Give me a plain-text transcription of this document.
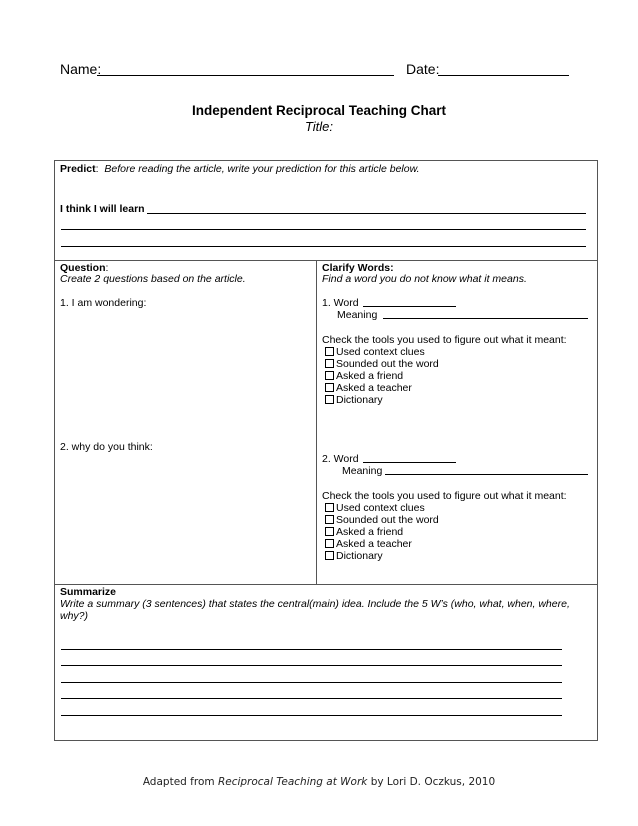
Name:	Date:
Independent Reciprocal Teaching Chart
Title:
Predict: Before reading the article, write your prediction for this article below.
I think I will learn
Question:
Create 2 questions based on the article.
1. I am wondering:
2. why do you think:
Clarify Words:
Find a word you do not know what it means.
1. Word
Meaning
Check the tools you used to figure out what it meant:
Used context clues
Sounded out the word
Asked a friend
Asked a teacher
Dictionary
2. Word
Meaning
Check the tools you used to figure out what it meant:
Used context clues
Sounded out the word
Asked a friend
Asked a teacher
Dictionary
Summarize
Write a summary (3 sentences) that states the central(main) idea. Include the 5 W’s (who, what, when, where,
why?)
Adapted from Reciprocal Teaching at Work by Lori D. Oczkus, 2010
